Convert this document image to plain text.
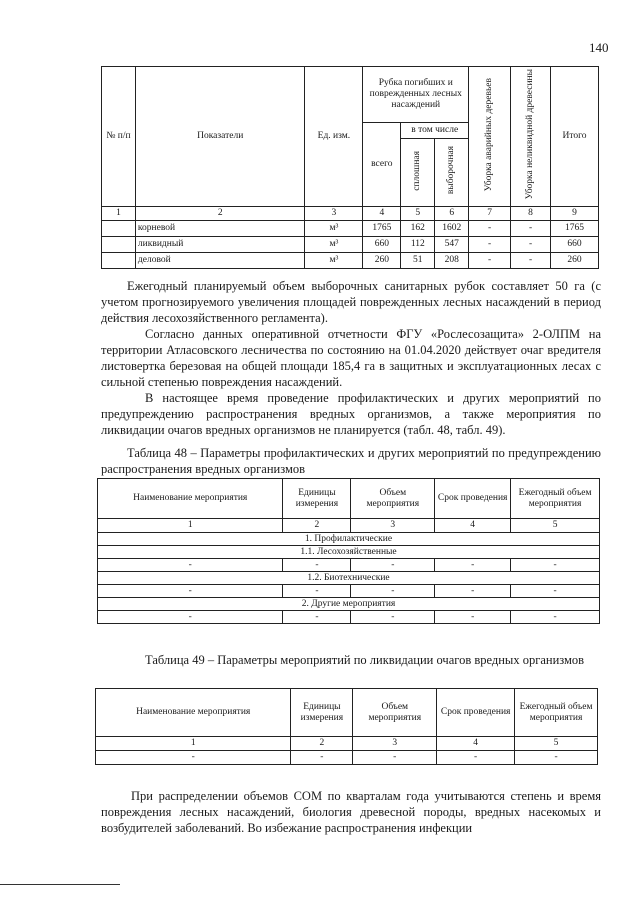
140
№ п/п	Показатели	Ед. изм.	Рубка погибших и поврежденных лесных насаждений			Уборка аварийных деревьев	Уборка неликвидной древесины	Итого
			всего	в том числе				
				сплошная	выборочная			
1	2	3	4	5	6	7	8	9
	корневой	м³	1765	162	1602	-	-	1765
	ликвидный	м³	660	112	547	-	-	660
	деловой	м³	260	51	208	-	-	260

Ежегодный планируемый объем выборочных санитарных рубок составляет 50 га (с учетом прогнозируемого увеличения площадей поврежденных лесных насаждений в период действия лесохозяйственного регламента).

Согласно данных оперативной отчетности ФГУ «Рослесозащита» 2-ОЛПМ на территории Атласовского лесничества по состоянию на 01.04.2020 действует очаг вредителя листовертка березовая на общей площади 185,4 га в защитных и эксплуатационных лесах с сильной степенью повреждения насаждений.

В настоящее время проведение профилактических и других мероприятий по предупреждению распространения вредных организмов, а также мероприятия по ликвидации очагов вредных организмов не планируется (табл. 48, табл. 49).

Таблица 48 – Параметры профилактических и других мероприятий по предупреждению распространения вредных организмов

Наименование мероприятия	Единицы измерения	Объем мероприятия	Срок проведения	Ежегодный объем мероприятия
1	2	3	4	5
1. Профилактические				
1.1. Лесохозяйственные				
-	-	-	-	-
1.2. Биотехнические				
-	-	-	-	-
2. Другие мероприятия				
-	-	-	-	-

Таблица 49 – Параметры мероприятий по ликвидации очагов вредных организмов

Наименование мероприятия	Единицы измерения	Объем мероприятия	Срок проведения	Ежегодный объем мероприятия
1	2	3	4	5
-	-	-	-	-

При распределении объемов СОМ по кварталам года учитываются степень и время повреждения лесных насаждений, биология древесной породы, вредных насекомых и возбудителей заболеваний. Во избежание распространения инфекции
